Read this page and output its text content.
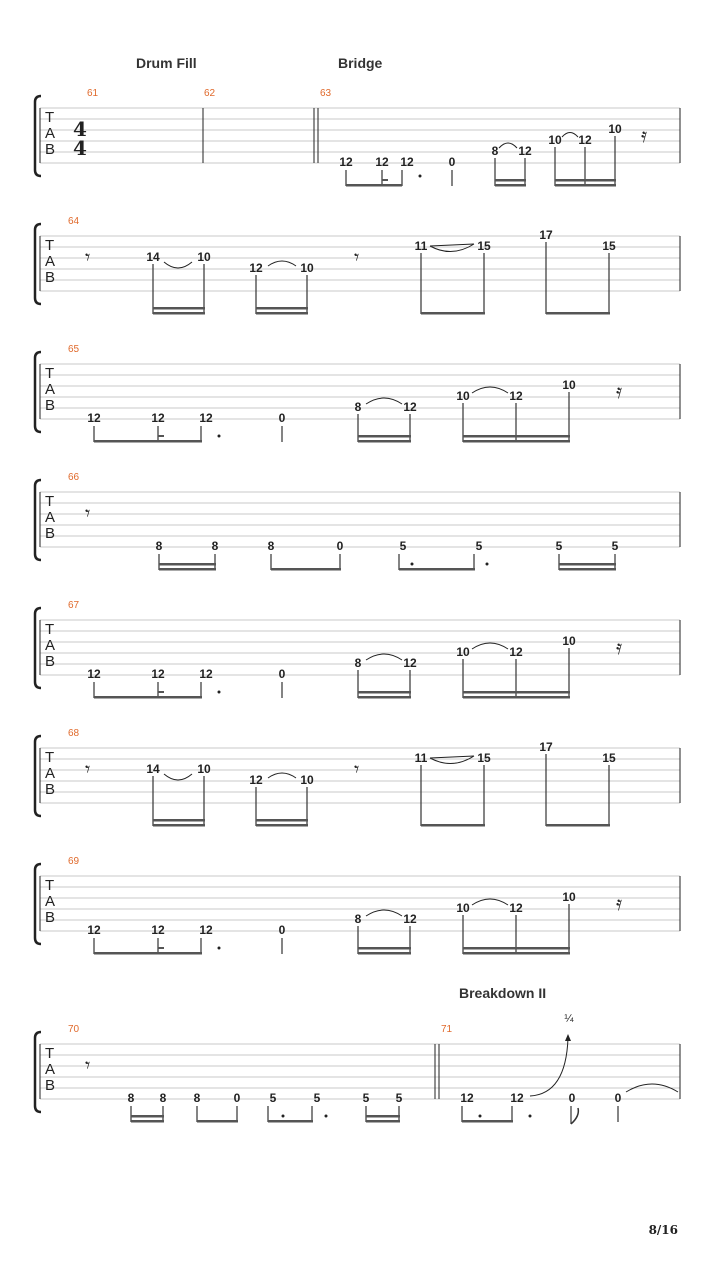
Drum Fill	Bridge
Breakdown II
8/16
T
A
B
4
4
61	62	63
12 12 12	0
8 12
10 12
10 𝄿
T
A
B
64
𝄾	𝄾
14	10
12	10
11	15
17
15
T
A
B
65
12	12	12	0
8	12
10	12
10 𝄿
T
A
B
66
𝄾
8	8	8	0	5	5	5	5
T
A
B
67
12	12	12	0
8	12
10	12
10 𝄿
T
A
B
68
𝄾	𝄾
14	10
12	10
11	15
17
15
T
A
B
69
12	12	12	0
8	12
10	12
10 𝄿
T
A
B
70	71
𝄾
8 8 8	0 5	5	5 5	12	12	0	0
¼
